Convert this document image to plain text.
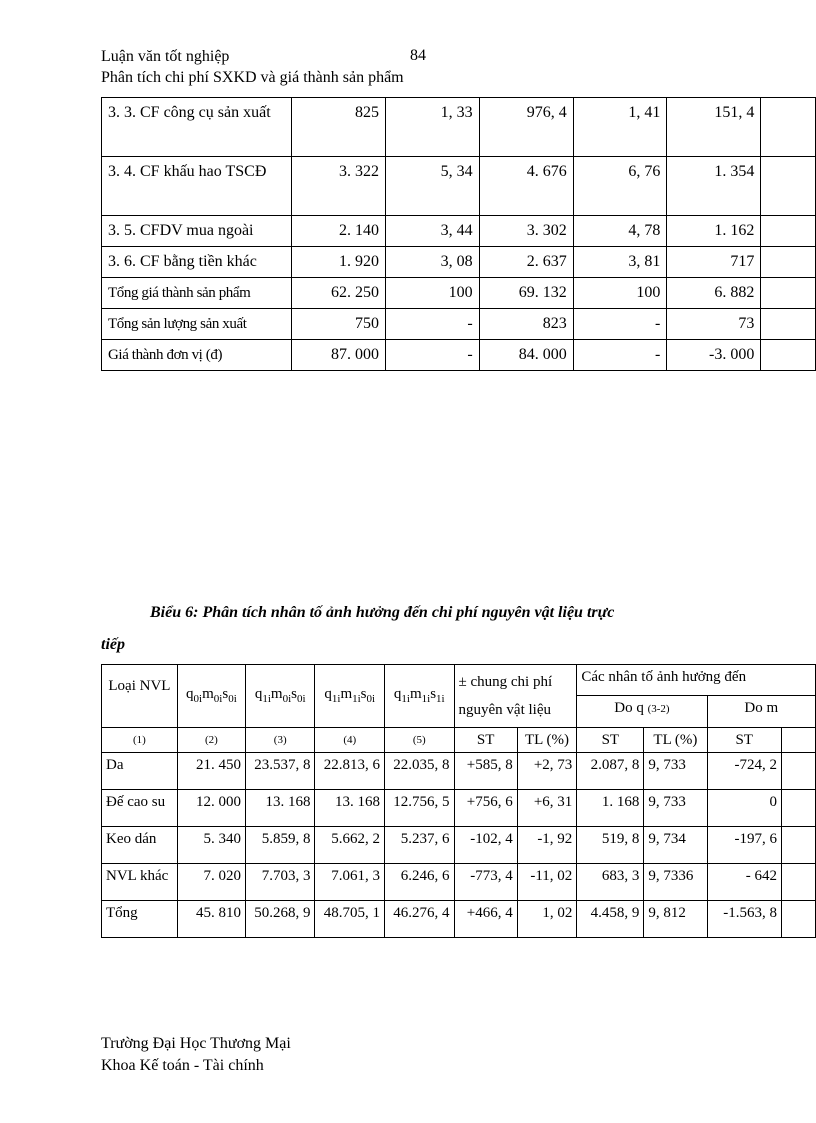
Luận văn tốt nghiệp	84
Phân tích chi phí SXKD và giá thành sản phẩm
3. 3. CF công cụ sản xuất	825	1, 33	976, 4	1, 41	151, 4	
3. 4. CF khấu hao TSCĐ	3. 322	5, 34	4. 676	6, 76	1. 354	
3. 5. CFDV mua ngoài	2. 140	3, 44	3. 302	4, 78	1. 162	
3. 6. CF bằng tiền khác	1. 920	3, 08	2. 637	3, 81	717	
Tổng giá thành sản phẩm	62. 250	100	69. 132	100	6. 882	
Tổng sản lượng sản xuất	750	-	823	-	73	
Giá thành đơn vị (đ)	87. 000	-	84. 000	-	-3. 000	
Biểu 6: Phân tích nhân tố ảnh hưởng đến chi phí nguyên vật liệu trực
tiếp
Loại NVL	$q_{0i}m_{0i}s_{0i}$	$q_{1i}m_{0i}s_{0i}$	$q_{1i}m_{1i}s_{0i}$	$q_{1i}m_{1i}s_{1i}$	± chung chi phí nguyên vật liệu		Các nhân tố ảnh hưởng đến			
							Do q (3-2)		Do m	
(1)	(2)	(3)	(4)	(5)	ST	TL (%)	ST	TL (%)	ST	
Da	21. 450	23.537, 8	22.813, 6	22.035, 8	+585, 8	+2, 73	2.087, 8	9, 733	-724, 2	
Đế cao su	12. 000	13. 168	13. 168	12.756, 5	+756, 6	+6, 31	1. 168	9, 733	0	
Keo dán	5. 340	5.859, 8	5.662, 2	5.237, 6	-102, 4	-1, 92	519, 8	9, 734	-197, 6	
NVL khác	7. 020	7.703, 3	7.061, 3	6.246, 6	-773, 4	-11, 02	683, 3	9, 7336	- 642	
Tổng	45. 810	50.268, 9	48.705, 1	46.276, 4	+466, 4	1, 02	4.458, 9	9, 812	-1.563, 8	
Trường Đại Học Thương Mại
Khoa Kế toán - Tài chính
